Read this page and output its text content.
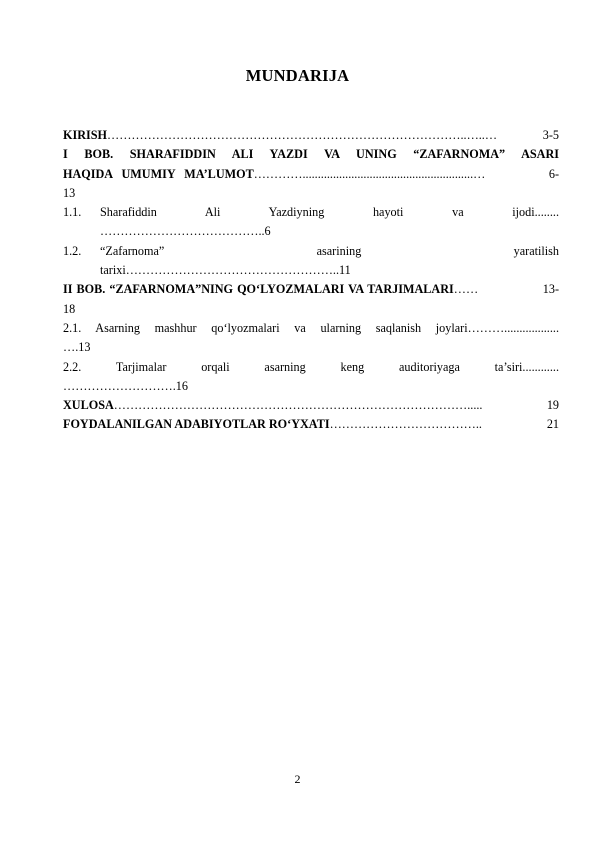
MUNDARIJA
KIRISH ……………………………………………………………………………..…..…	3-5
I BOB. SHARAFIDDIN ALI YAZDI VA UNING “ZAFARNOMA” ASARI
HAQIDA UMUMIY MA’LUMOT …………........................................................…	6-
13
1.1.	Sharafiddin Ali Yazdiyning hayoti va ijodi........
…………………………………..6
1.2.	“Zafarnoma” asarining yaratilish
tarixi……………………………………………..11
II BOB. “ZAFARNOMA”NING QO‘LYOZMALARI VA TARJIMALARI ……	13-
18
2.1. Asarning mashhur qo‘lyozmalari va ularning saqlanish joylari………..................
….13
2.2. Tarjimalar orqali asarning keng auditoriyaga ta’siri............
……………………….16
XULOSA …………………………………………………………………………….....	19
FOYDALANILGAN ADABIYOTLAR RO‘YXATI ………………………………..	21
2
